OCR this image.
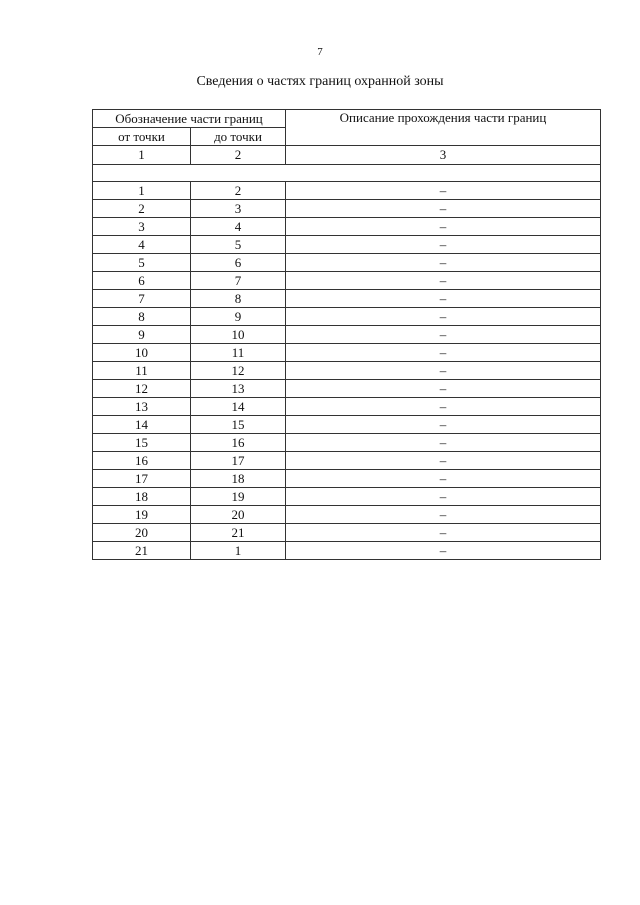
7
Сведения о частях границ охранной зоны
Обозначение части границ		Описание прохождения части границ
от точки	до точки	
1	2	3

1	2	–
2	3	–
3	4	–
4	5	–
5	6	–
6	7	–
7	8	–
8	9	–
9	10	–
10	11	–
11	12	–
12	13	–
13	14	–
14	15	–
15	16	–
16	17	–
17	18	–
18	19	–
19	20	–
20	21	–
21	1	–
